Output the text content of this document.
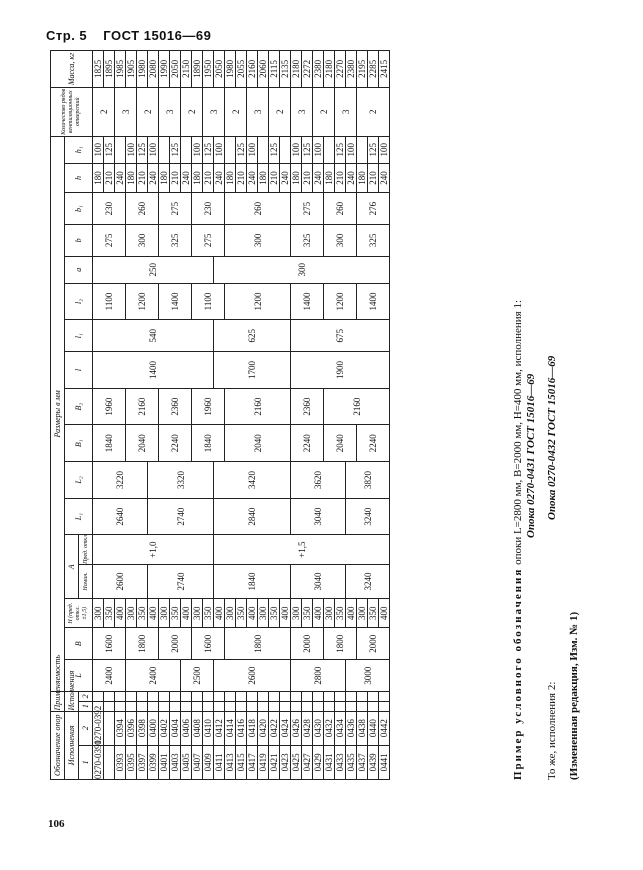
Стр. 5 ГОСТ 15016—69
Обозначение опор		Применяемость		Размеры в мм																	Количество рядов вентиляционных отверстий	Масса, кг
Исполнения		Исполнения		L	B	H (пред. откл. ±1,5)	A		L₁	L₂	B₁	B₂	l	l₁	l₂	a	b	b₁	h	h₁		
1	2	1	2				Номин.	Пред. откл.														
0270-0391	0270-0392			2400	1600	300	2600	+1,0	2640	3220	1840	1960	1400	540	1100	250	275	230	180	100	2	1825
						350													210	125		1895
0393	0394					400													240		3	1985
0395	0396			2400	1800	300					2040	2160			1200		300	260	180	100		1905
0397	0398					350													210	125	2	1980
0399	0400					400	2740		2740	3320									240	100		2080
0401	0402				2000	300					2240	2360			1400		325	275	180		3	1990
0403	0404					350													210	125		2050
0405	0406			2500		400													240		2	2150
0407	0408				1600	300					1840	1960			1100		275	230	180	100		1890
0409	0410					350													210	125	3	1950
0411	0412			2600		400	1840	+1,5	2840	3420			1700	625		300			240	100		2050
0413	0414				1800	300					2040	2160			1200		300	260	180		2	1980
0415	0416					350													210	125		2055
0417	0418					400													240	100	3	2160
0419	0420					300													180			2060
0421	0422					350													210	125	2	2115
0423	0424					400													240			2135
0425	0426			2800	2000	300	3040		3040	3620	2240	2360	1900	675	1400		325	275	180	100	3	2180
0427	0428					350													210	125		2272
0429	0430					400													240	100	2	2380
0431	0432				1800	300					2040	2160			1200		300	260	180			2180
0433	0434					350													210	125	3	2270
0435	0436			3000		400	3240		3240	3820									240	100		2380
0437	0438				2000	300					2240				1400		325	276	180		2	2195
0439	0440					350													210	125		2285
0441	0442					400													240	100		2415
Пример условного обозначения опоки L=2800 мм, B=2000 мм, H=400 мм, исполнения 1: Опока 0270-0431 ГОСТ 15016—69
То же, исполнения 2:
Опока 0270-0432 ГОСТ 15016—69
(Измененная редакция, Изм. № 1)
106
